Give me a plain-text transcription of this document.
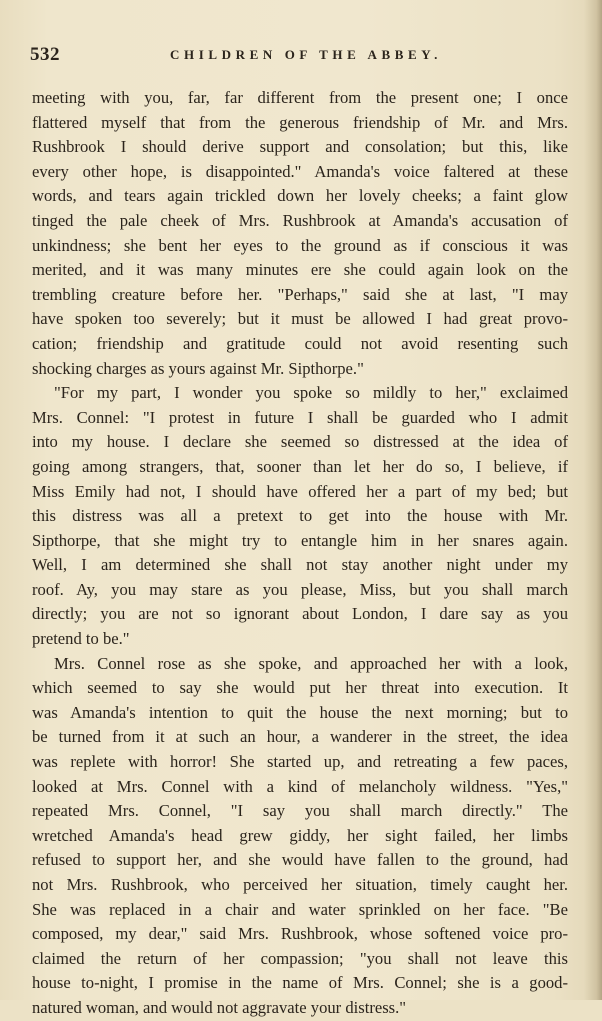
532	CHILDREN OF THE ABBEY.
meeting with you, far, far different from the present one; I once
flattered myself that from the generous friendship of Mr. and Mrs.
Rushbrook I should derive support and consolation; but this, like
every other hope, is disappointed." Amanda's voice faltered at these
words, and tears again trickled down her lovely cheeks; a faint glow
tinged the pale cheek of Mrs. Rushbrook at Amanda's accusation of
unkindness; she bent her eyes to the ground as if conscious it was
merited, and it was many minutes ere she could again look on the
trembling creature before her. "Perhaps," said she at last, "I may
have spoken too severely; but it must be allowed I had great provo-
cation; friendship and gratitude could not avoid resenting such
shocking charges as yours against Mr. Sipthorpe."
"For my part, I wonder you spoke so mildly to her," exclaimed
Mrs. Connel: "I protest in future I shall be guarded who I admit
into my house. I declare she seemed so distressed at the idea of
going among strangers, that, sooner than let her do so, I believe, if
Miss Emily had not, I should have offered her a part of my bed; but
this distress was all a pretext to get into the house with Mr.
Sipthorpe, that she might try to entangle him in her snares again.
Well, I am determined she shall not stay another night under my
roof. Ay, you may stare as you please, Miss, but you shall march
directly; you are not so ignorant about London, I dare say as you
pretend to be."
Mrs. Connel rose as she spoke, and approached her with a look,
which seemed to say she would put her threat into execution. It
was Amanda's intention to quit the house the next morning; but to
be turned from it at such an hour, a wanderer in the street, the idea
was replete with horror! She started up, and retreating a few paces,
looked at Mrs. Connel with a kind of melancholy wildness. "Yes,"
repeated Mrs. Connel, "I say you shall march directly." The
wretched Amanda's head grew giddy, her sight failed, her limbs
refused to support her, and she would have fallen to the ground, had
not Mrs. Rushbrook, who perceived her situation, timely caught her.
She was replaced in a chair and water sprinkled on her face. "Be
composed, my dear," said Mrs. Rushbrook, whose softened voice pro-
claimed the return of her compassion; "you shall not leave this
house to-night, I promise in the name of Mrs. Connel; she is a good-
natured woman, and would not aggravate your distress."
